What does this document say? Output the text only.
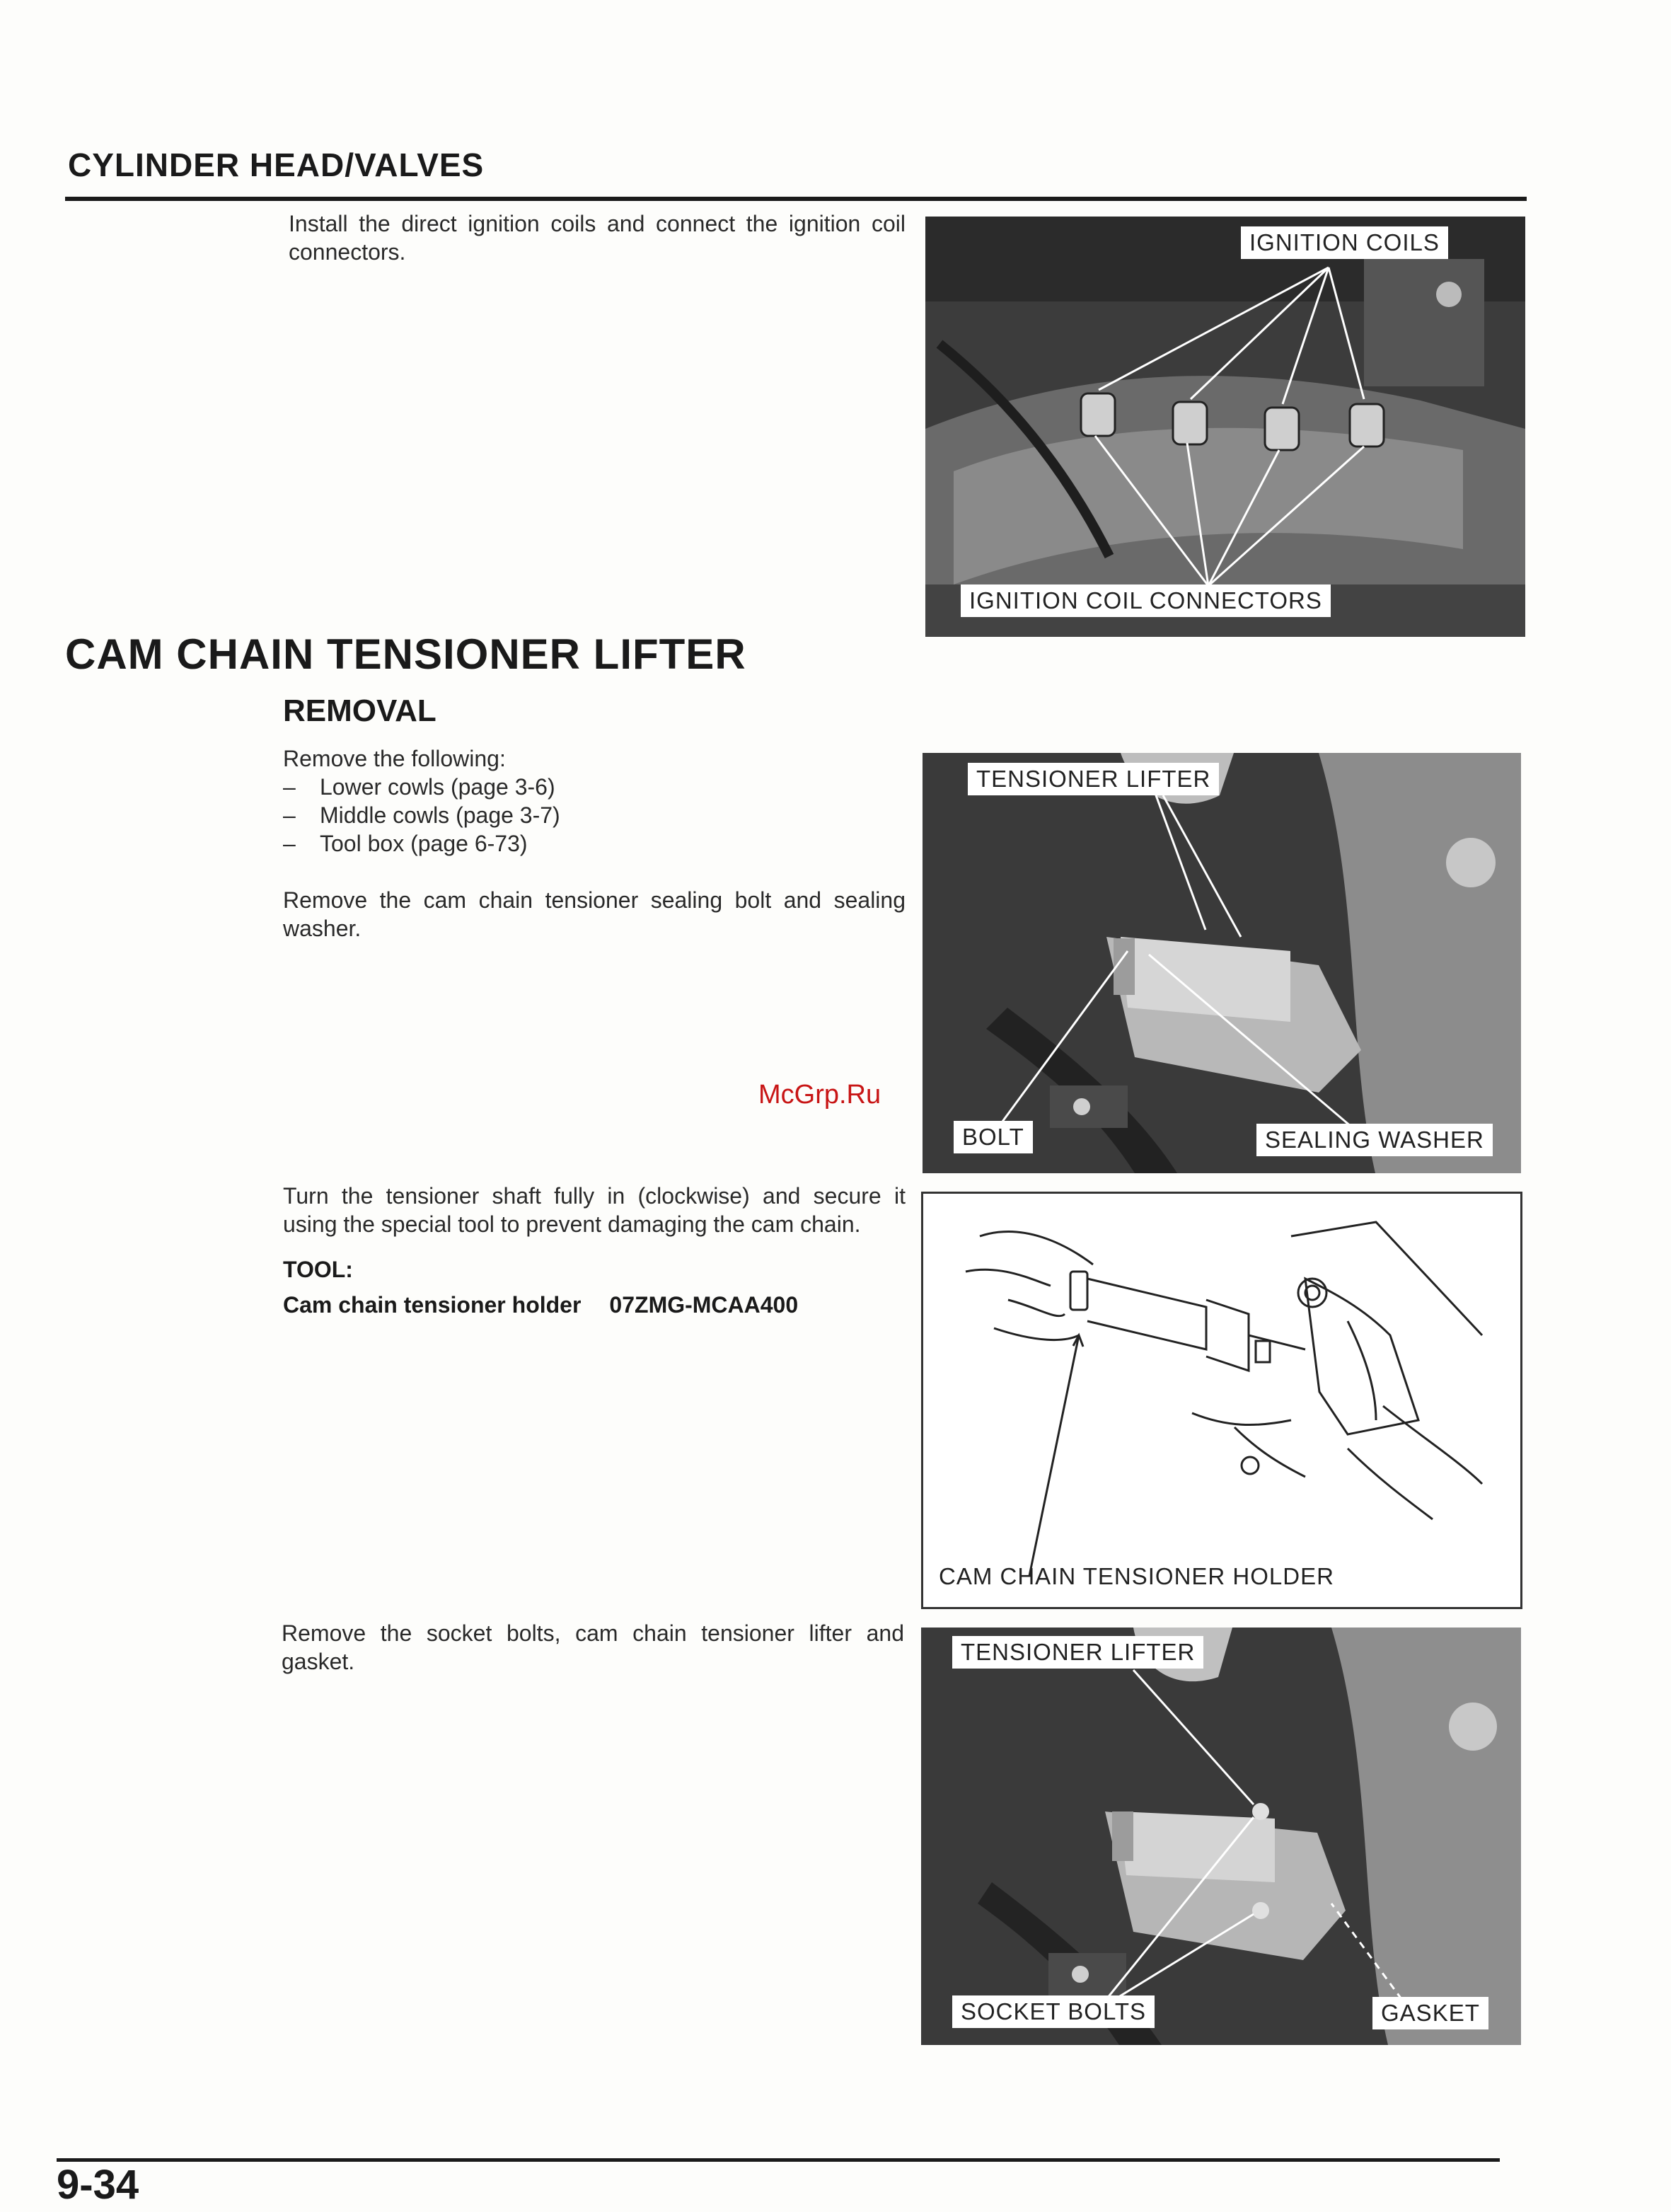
CYLINDER HEAD/VALVES
Install the direct ignition coils and connect the ignition coil connectors.	IGNITION COILS
IGNITION COIL CONNECTORS
CAM CHAIN TENSIONER LIFTER
REMOVAL
Remove the following:
– Lower cowls (page 3-6)
– Middle cowls (page 3-7)
– Tool box (page 6-73)
Remove the cam chain tensioner sealing bolt and sealing washer.
TENSIONER LIFTER
BOLT	SEALING WASHER
McGrp.Ru
Turn the tensioner shaft fully in (clockwise) and secure it using the special tool to prevent damaging the cam chain.
TOOL:
Cam chain tensioner holder 07ZMG-MCAA400
CAM CHAIN TENSIONER HOLDER
Remove the socket bolts, cam chain tensioner lifter and gasket.	TENSIONER LIFTER
SOCKET BOLTS	GASKET
9-34
